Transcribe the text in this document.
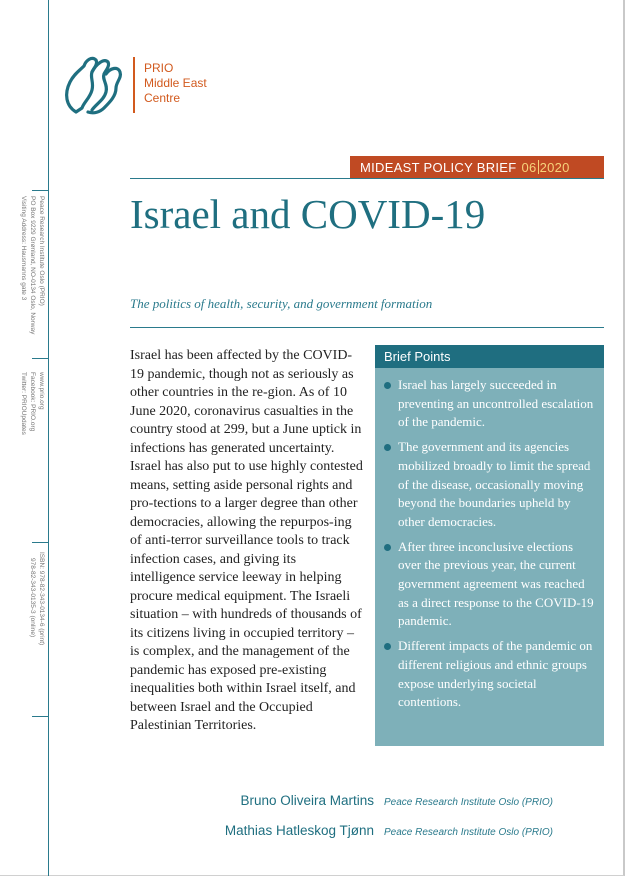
Peace Research Institute Oslo (PRIO)
PO Box 9229 Grønland, NO-0134 Oslo, Norway
Visiting Address: Hausmanns gate 3
www.prio.org
Facebook: PRIO.org
Twitter: PRIOUpdates
ISBN: 978-82-343-0134-6 (print)
978-82-343-0135-3 (online)
PRIO
Middle East
Centre
MIDEAST POLICY BRIEF 06 2020
Israel and COVID-19
The politics of health, security, and government formation

Israel has been affected by the COVID-19 pandemic, though not as seriously as other countries in the re-gion. As of 10 June 2020, coronavirus casualties in the country stood at 299, but a June uptick in infections has generated uncertainty. Israel has also put to use highly contested means, setting aside personal rights and pro-tections to a larger degree than other democracies, allowing the repurpos-ing of anti-terror surveillance tools to track infection cases, and giving its intelligence service leeway in helping procure medical equipment. The Israeli situation – with hundreds of thousands of its citizens living in occupied territory – is complex, and the management of the pandemic has exposed pre-existing inequalities both within Israel itself, and between Israel and the Occupied Palestinian Territories.

Brief Points
Israel has largely succeeded in preventing an uncontrolled escalation of the pandemic.
The government and its agencies mobilized broadly to limit the spread of the disease, occasionally moving beyond the boundaries upheld by other democracies.
After three inconclusive elections over the previous year, the current government agreement was reached as a direct response to the COVID-19 pandemic.
Different impacts of the pandemic on different religious and ethnic groups expose underlying societal contentions.
Bruno Oliveira Martins	Peace Research Institute Oslo (PRIO)
Mathias Hatleskog Tjønn	Peace Research Institute Oslo (PRIO)
